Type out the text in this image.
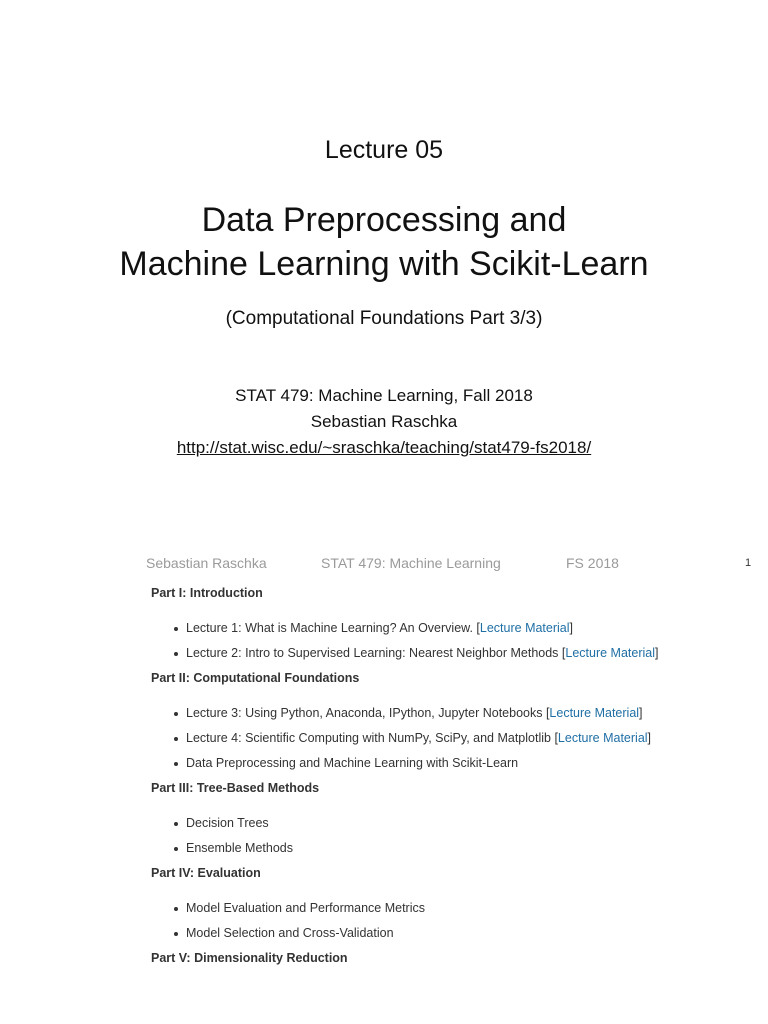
Lecture 05
Data Preprocessing and
Machine Learning with Scikit-Learn
(Computational Foundations Part 3/3)
STAT 479: Machine Learning, Fall 2018
Sebastian Raschka
http://stat.wisc.edu/~sraschka/teaching/stat479-fs2018/
Sebastian Raschka	STAT 479: Machine Learning	FS 2018	1
Part I: Introduction
Lecture 1: What is Machine Learning? An Overview. [Lecture Material]
Lecture 2: Intro to Supervised Learning: Nearest Neighbor Methods [Lecture Material]
Part II: Computational Foundations
Lecture 3: Using Python, Anaconda, IPython, Jupyter Notebooks [Lecture Material]
Lecture 4: Scientific Computing with NumPy, SciPy, and Matplotlib [Lecture Material]
Data Preprocessing and Machine Learning with Scikit-Learn
Part III: Tree-Based Methods
Decision Trees
Ensemble Methods
Part IV: Evaluation
Model Evaluation and Performance Metrics
Model Selection and Cross-Validation
Part V: Dimensionality Reduction
